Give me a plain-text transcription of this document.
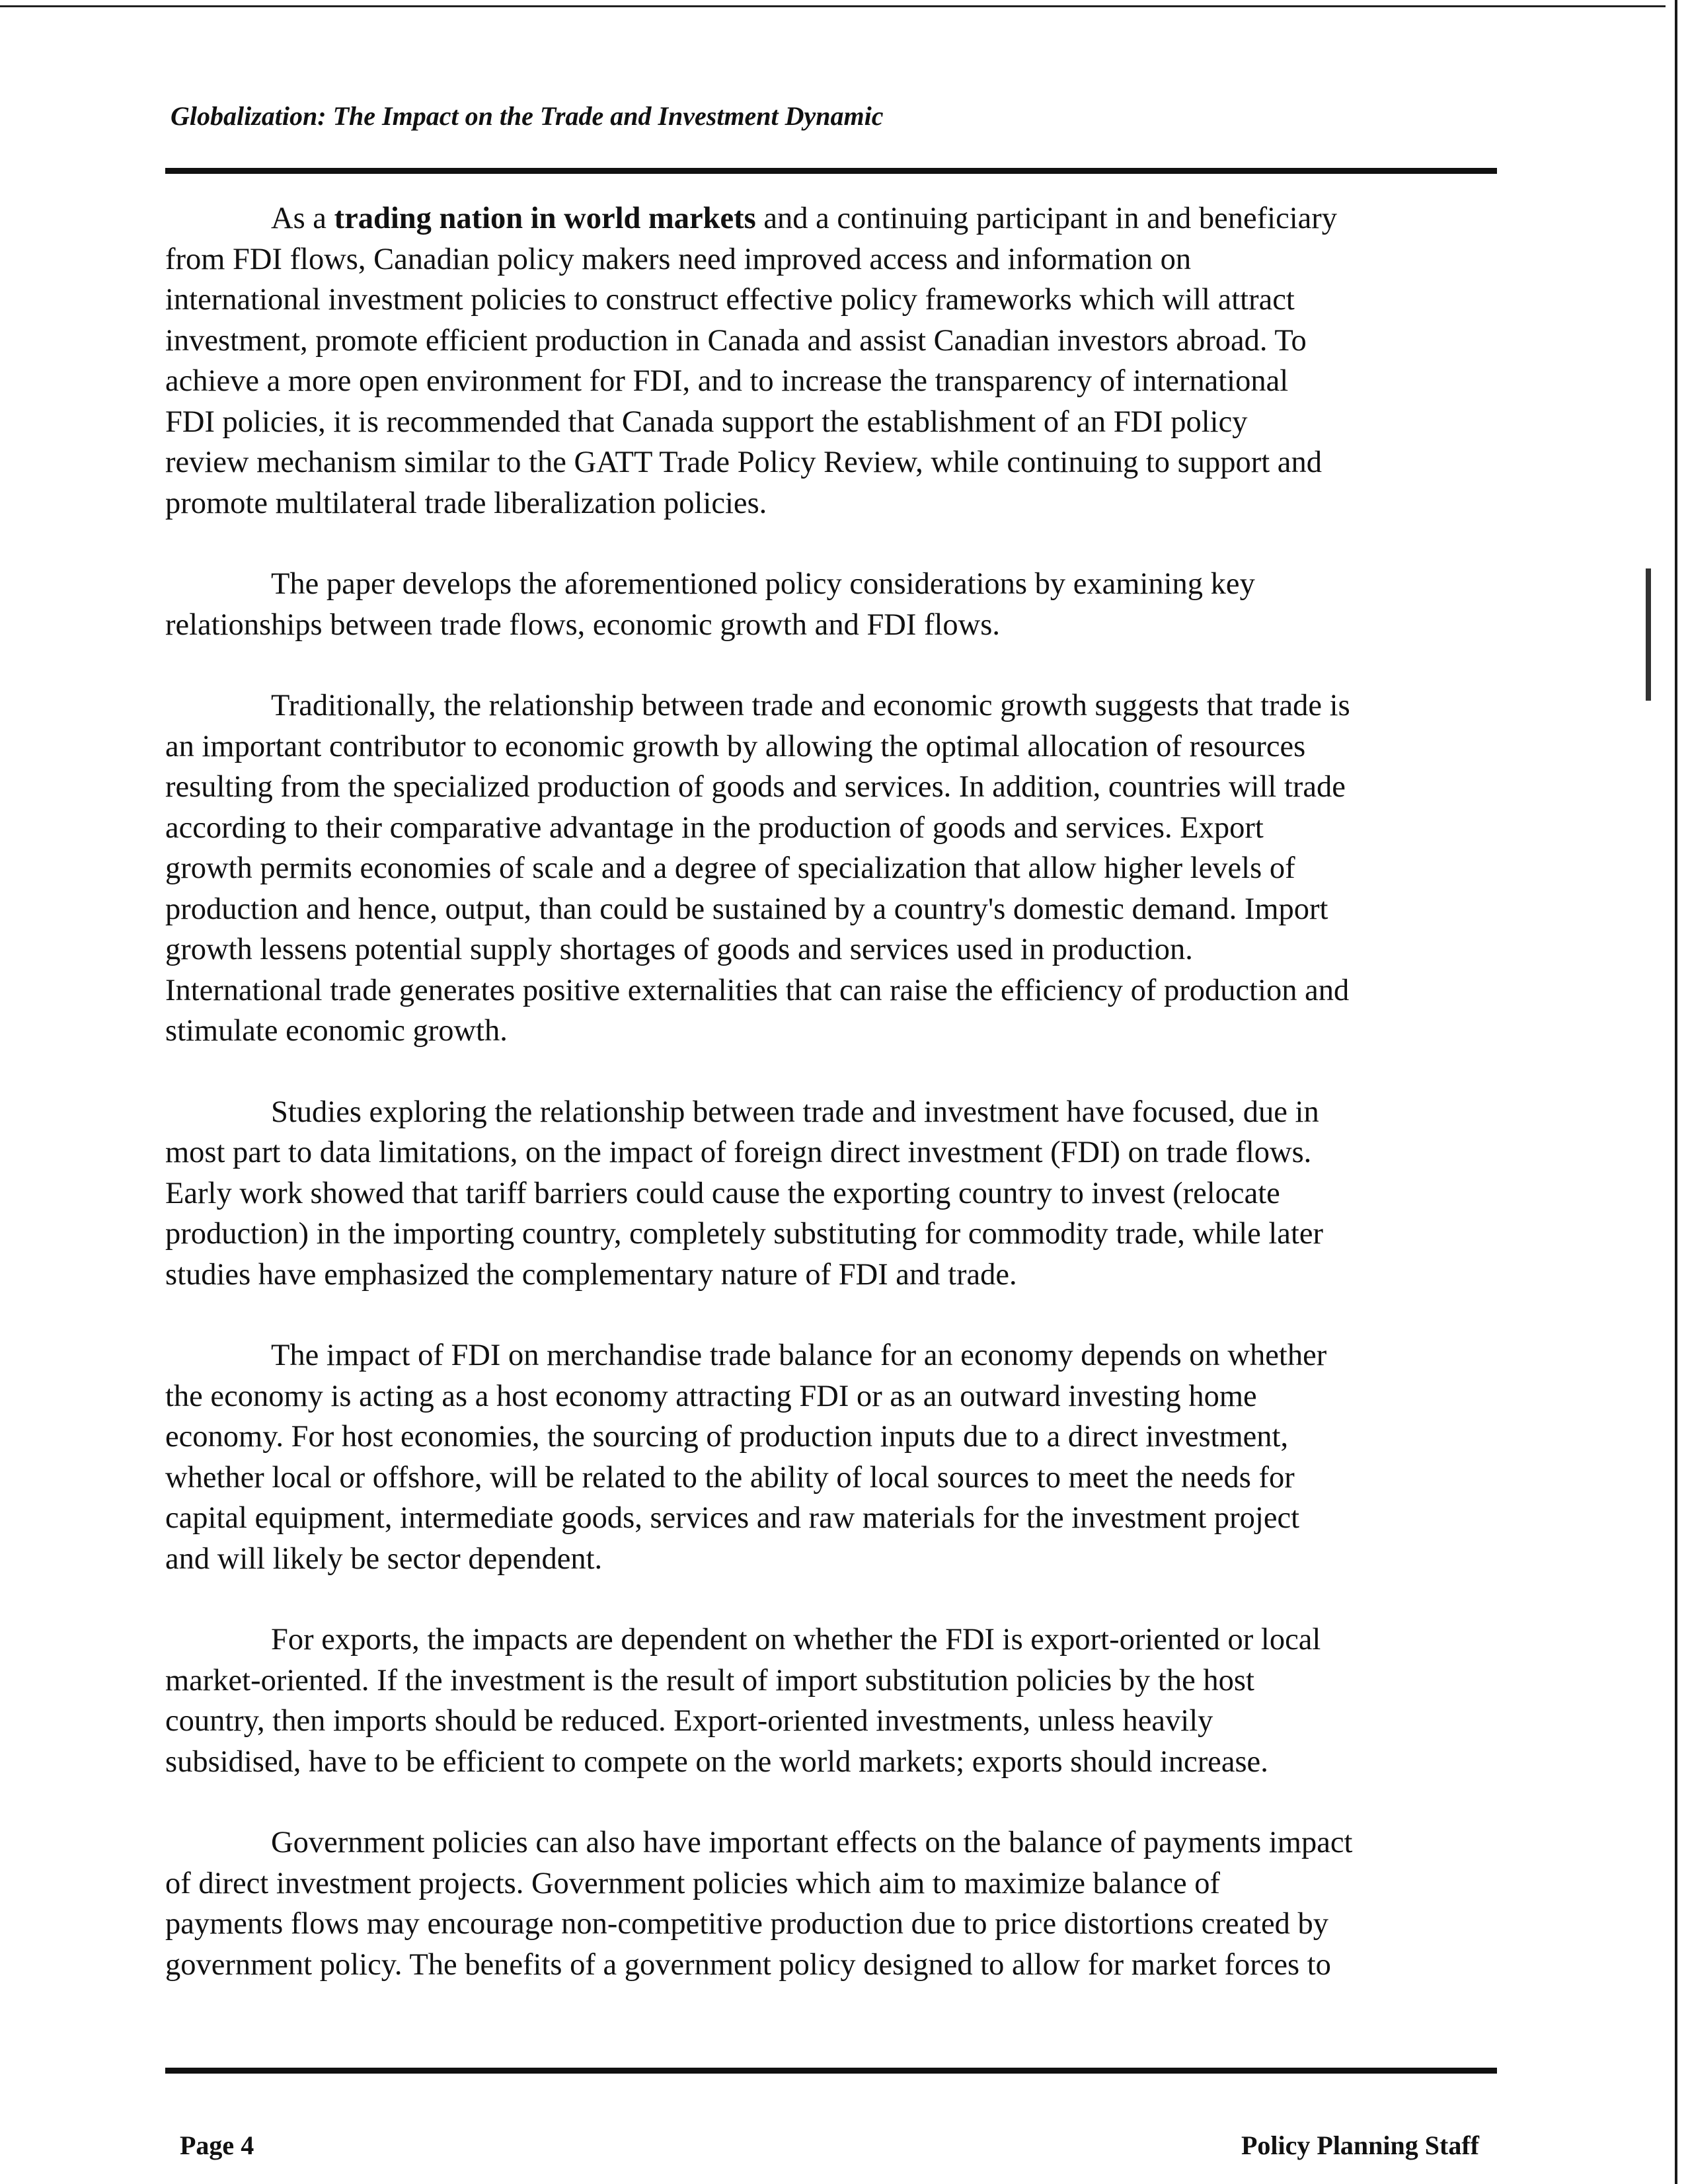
Globalization: The Impact on the Trade and Investment Dynamic
As a trading nation in world markets and a continuing participant in and beneficiary
from FDI flows, Canadian policy makers need improved access and information on
international investment policies to construct effective policy frameworks which will attract
investment, promote efficient production in Canada and assist Canadian investors abroad. To
achieve a more open environment for FDI, and to increase the transparency of international
FDI policies, it is recommended that Canada support the establishment of an FDI policy
review mechanism similar to the GATT Trade Policy Review, while continuing to support and
promote multilateral trade liberalization policies.
The paper develops the aforementioned policy considerations by examining key
relationships between trade flows, economic growth and FDI flows.
Traditionally, the relationship between trade and economic growth suggests that trade is
an important contributor to economic growth by allowing the optimal allocation of resources
resulting from the specialized production of goods and services. In addition, countries will trade
according to their comparative advantage in the production of goods and services. Export
growth permits economies of scale and a degree of specialization that allow higher levels of
production and hence, output, than could be sustained by a country's domestic demand. Import
growth lessens potential supply shortages of goods and services used in production.
International trade generates positive externalities that can raise the efficiency of production and
stimulate economic growth.
Studies exploring the relationship between trade and investment have focused, due in
most part to data limitations, on the impact of foreign direct investment (FDI) on trade flows.
Early work showed that tariff barriers could cause the exporting country to invest (relocate
production) in the importing country, completely substituting for commodity trade, while later
studies have emphasized the complementary nature of FDI and trade.
The impact of FDI on merchandise trade balance for an economy depends on whether
the economy is acting as a host economy attracting FDI or as an outward investing home
economy. For host economies, the sourcing of production inputs due to a direct investment,
whether local or offshore, will be related to the ability of local sources to meet the needs for
capital equipment, intermediate goods, services and raw materials for the investment project
and will likely be sector dependent.
For exports, the impacts are dependent on whether the FDI is export-oriented or local
market-oriented. If the investment is the result of import substitution policies by the host
country, then imports should be reduced. Export-oriented investments, unless heavily
subsidised, have to be efficient to compete on the world markets; exports should increase.
Government policies can also have important effects on the balance of payments impact
of direct investment projects. Government policies which aim to maximize balance of
payments flows may encourage non-competitive production due to price distortions created by
government policy. The benefits of a government policy designed to allow for market forces to
Page 4	Policy Planning Staff
